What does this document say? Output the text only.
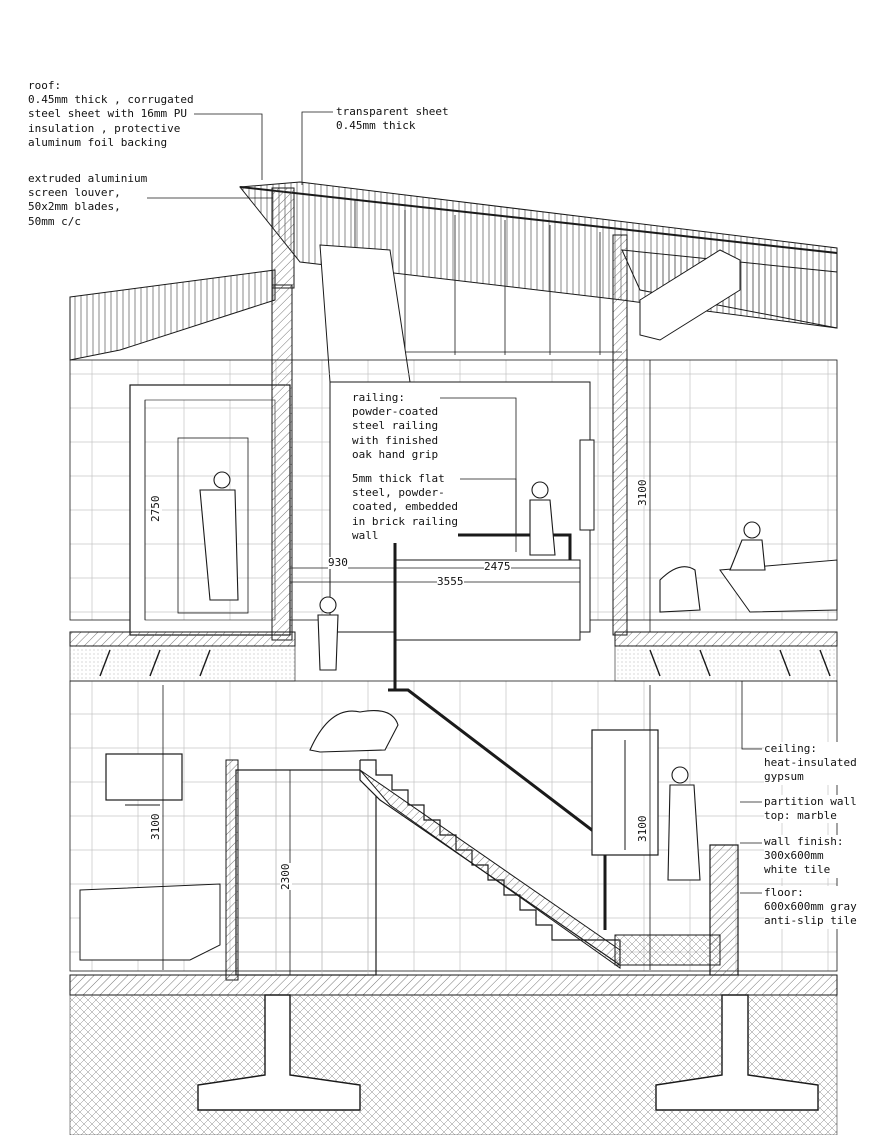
roof:
0.45mm thick , corrugated
steel sheet with 16mm PU
insulation , protective
aluminum foil backing
transparent sheet
0.45mm thick
extruded aluminium
screen louver,
50x2mm blades,
50mm c/c
railing:
powder-coated
steel railing
with finished
oak hand grip
5mm thick flat
steel, powder-
coated, embedded
in brick railing
wall
ceiling:
heat-insulated
gypsum
partition wall
top: marble
wall finish:
300x600mm
white tile
floor:
600x600mm gray
anti-slip tile
2750
930	2475
3555
3100
3100
2300
3100
